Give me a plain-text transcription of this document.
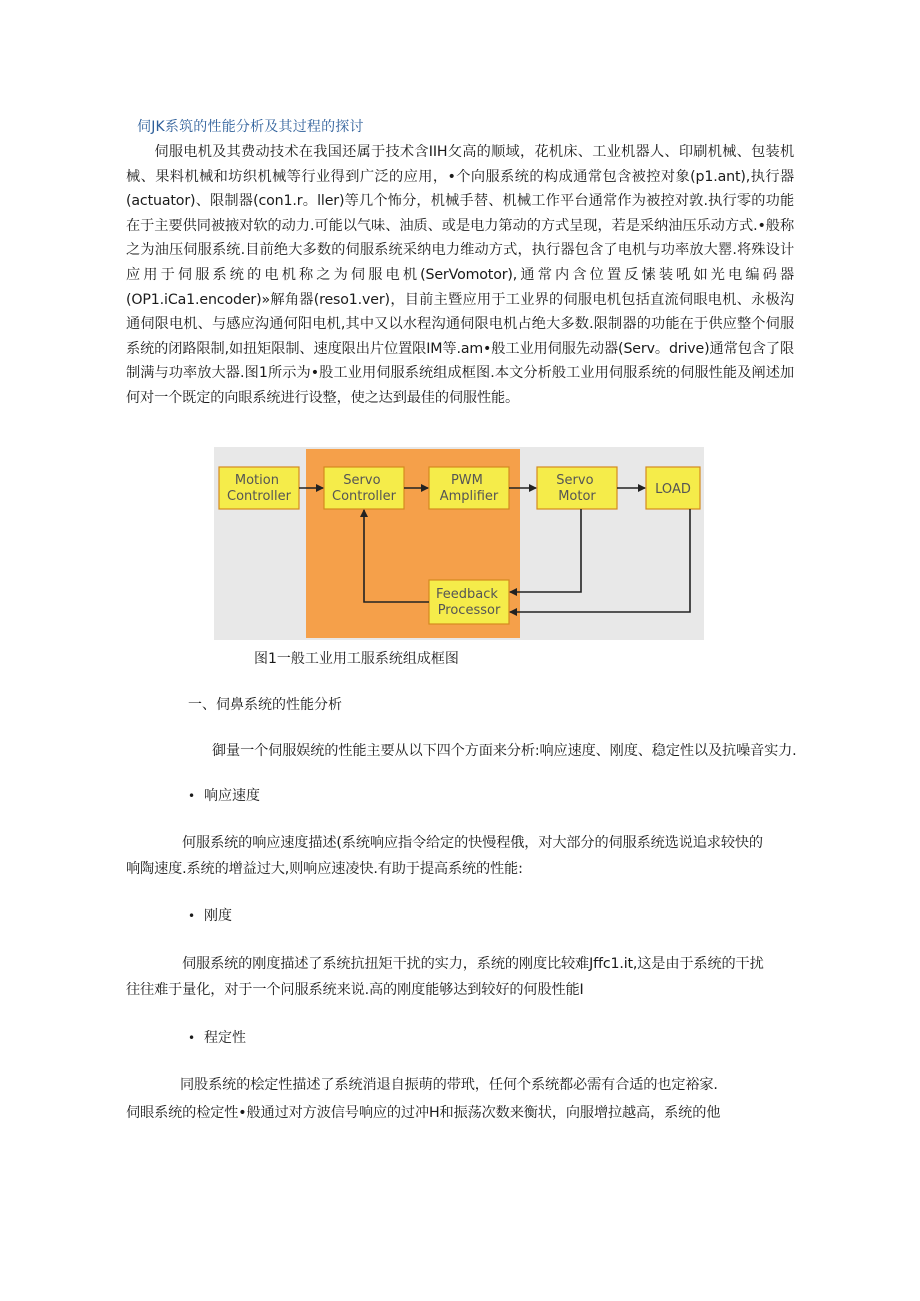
伺JK系筑的性能分析及其过程的探讨
伺服电机及其费动技术在我国还属于技术含IIH攵高的顺域，花机床、工业机器人、印刷机械、包装机械、果料机械和坊织机械等行业得到广泛的应用，•个向服系统的构成通常包含被控对象(p1.ant),执行器(actuator)、限制器(con1.r。ller)等几个怖分，机械手替、机械工作平台通常作为被控对敦.执行零的功能在于主要供同被掖对软的动力.可能以气味、油质、或是电力第动的方式呈现，若是采纳油压乐动方式.•般称之为油压伺服系统.目前绝大多数的伺服系统采纳电力维动方式，执行器包含了电机与功率放大罂.将殊设计应用于伺服系统的电机称之为伺服电机(SerVomotor),通常内含位置反愫装吼如光电编码器(OP1.iCa1.encoder)»解角器(reso1.ver)，目前主暨应用于工业界的伺服电机包括直流伺眼电机、永极沟通伺限电机、与感应沟通何阳电机,其中又以水程沟通伺限电机占绝大多数.限制器的功能在于供应整个伺服系统的闭路限制,如扭矩限制、速度限出片位置限IM等.am•般工业用伺服先动器(Serv。drive)通常包含了限制满与功率放大器.图1所示为•股工业用伺服系统组成框图.本文分析般工业用伺服系统的伺服性能及阐述加何对一个既定的向眼系统进行设整，使之达到最佳的伺服性能。
Motion Controller
Servo Controller
PWM Amplifier
Servo Motor	LOAD
Feedback Processor
图1一般工业用工服系统组成框图
一、伺鼻系统的性能分析
御量一个伺服娱统的性能主要从以下四个方面来分析:响应速度、刚度、稳定性以及抗噪音实力.
• 响应速度
何服系统的响应速度描述(系统响应指令给定的快慢程俄，对大部分的伺服系统选说追求较快的
响陶速度.系统的增益过大,则响应速凌快.有助于提高系统的性能:
• 刚度
伺服系统的刚度描述了系统抗扭矩干扰的实力，系统的刚度比较难Jffc1.it,这是由于系统的干扰
往往难于量化，对于一个问服系统来说.高的刚度能够达到较好的何股性能I
• 程定性
同股系统的桧定性描述了系统消退自振萌的带玳，任何个系统都必需有合适的也定裕家.
伺眼系统的检定性•般通过对方波信号响应的过冲H和振荡次数来衡状，向服增拉越高，系统的他
